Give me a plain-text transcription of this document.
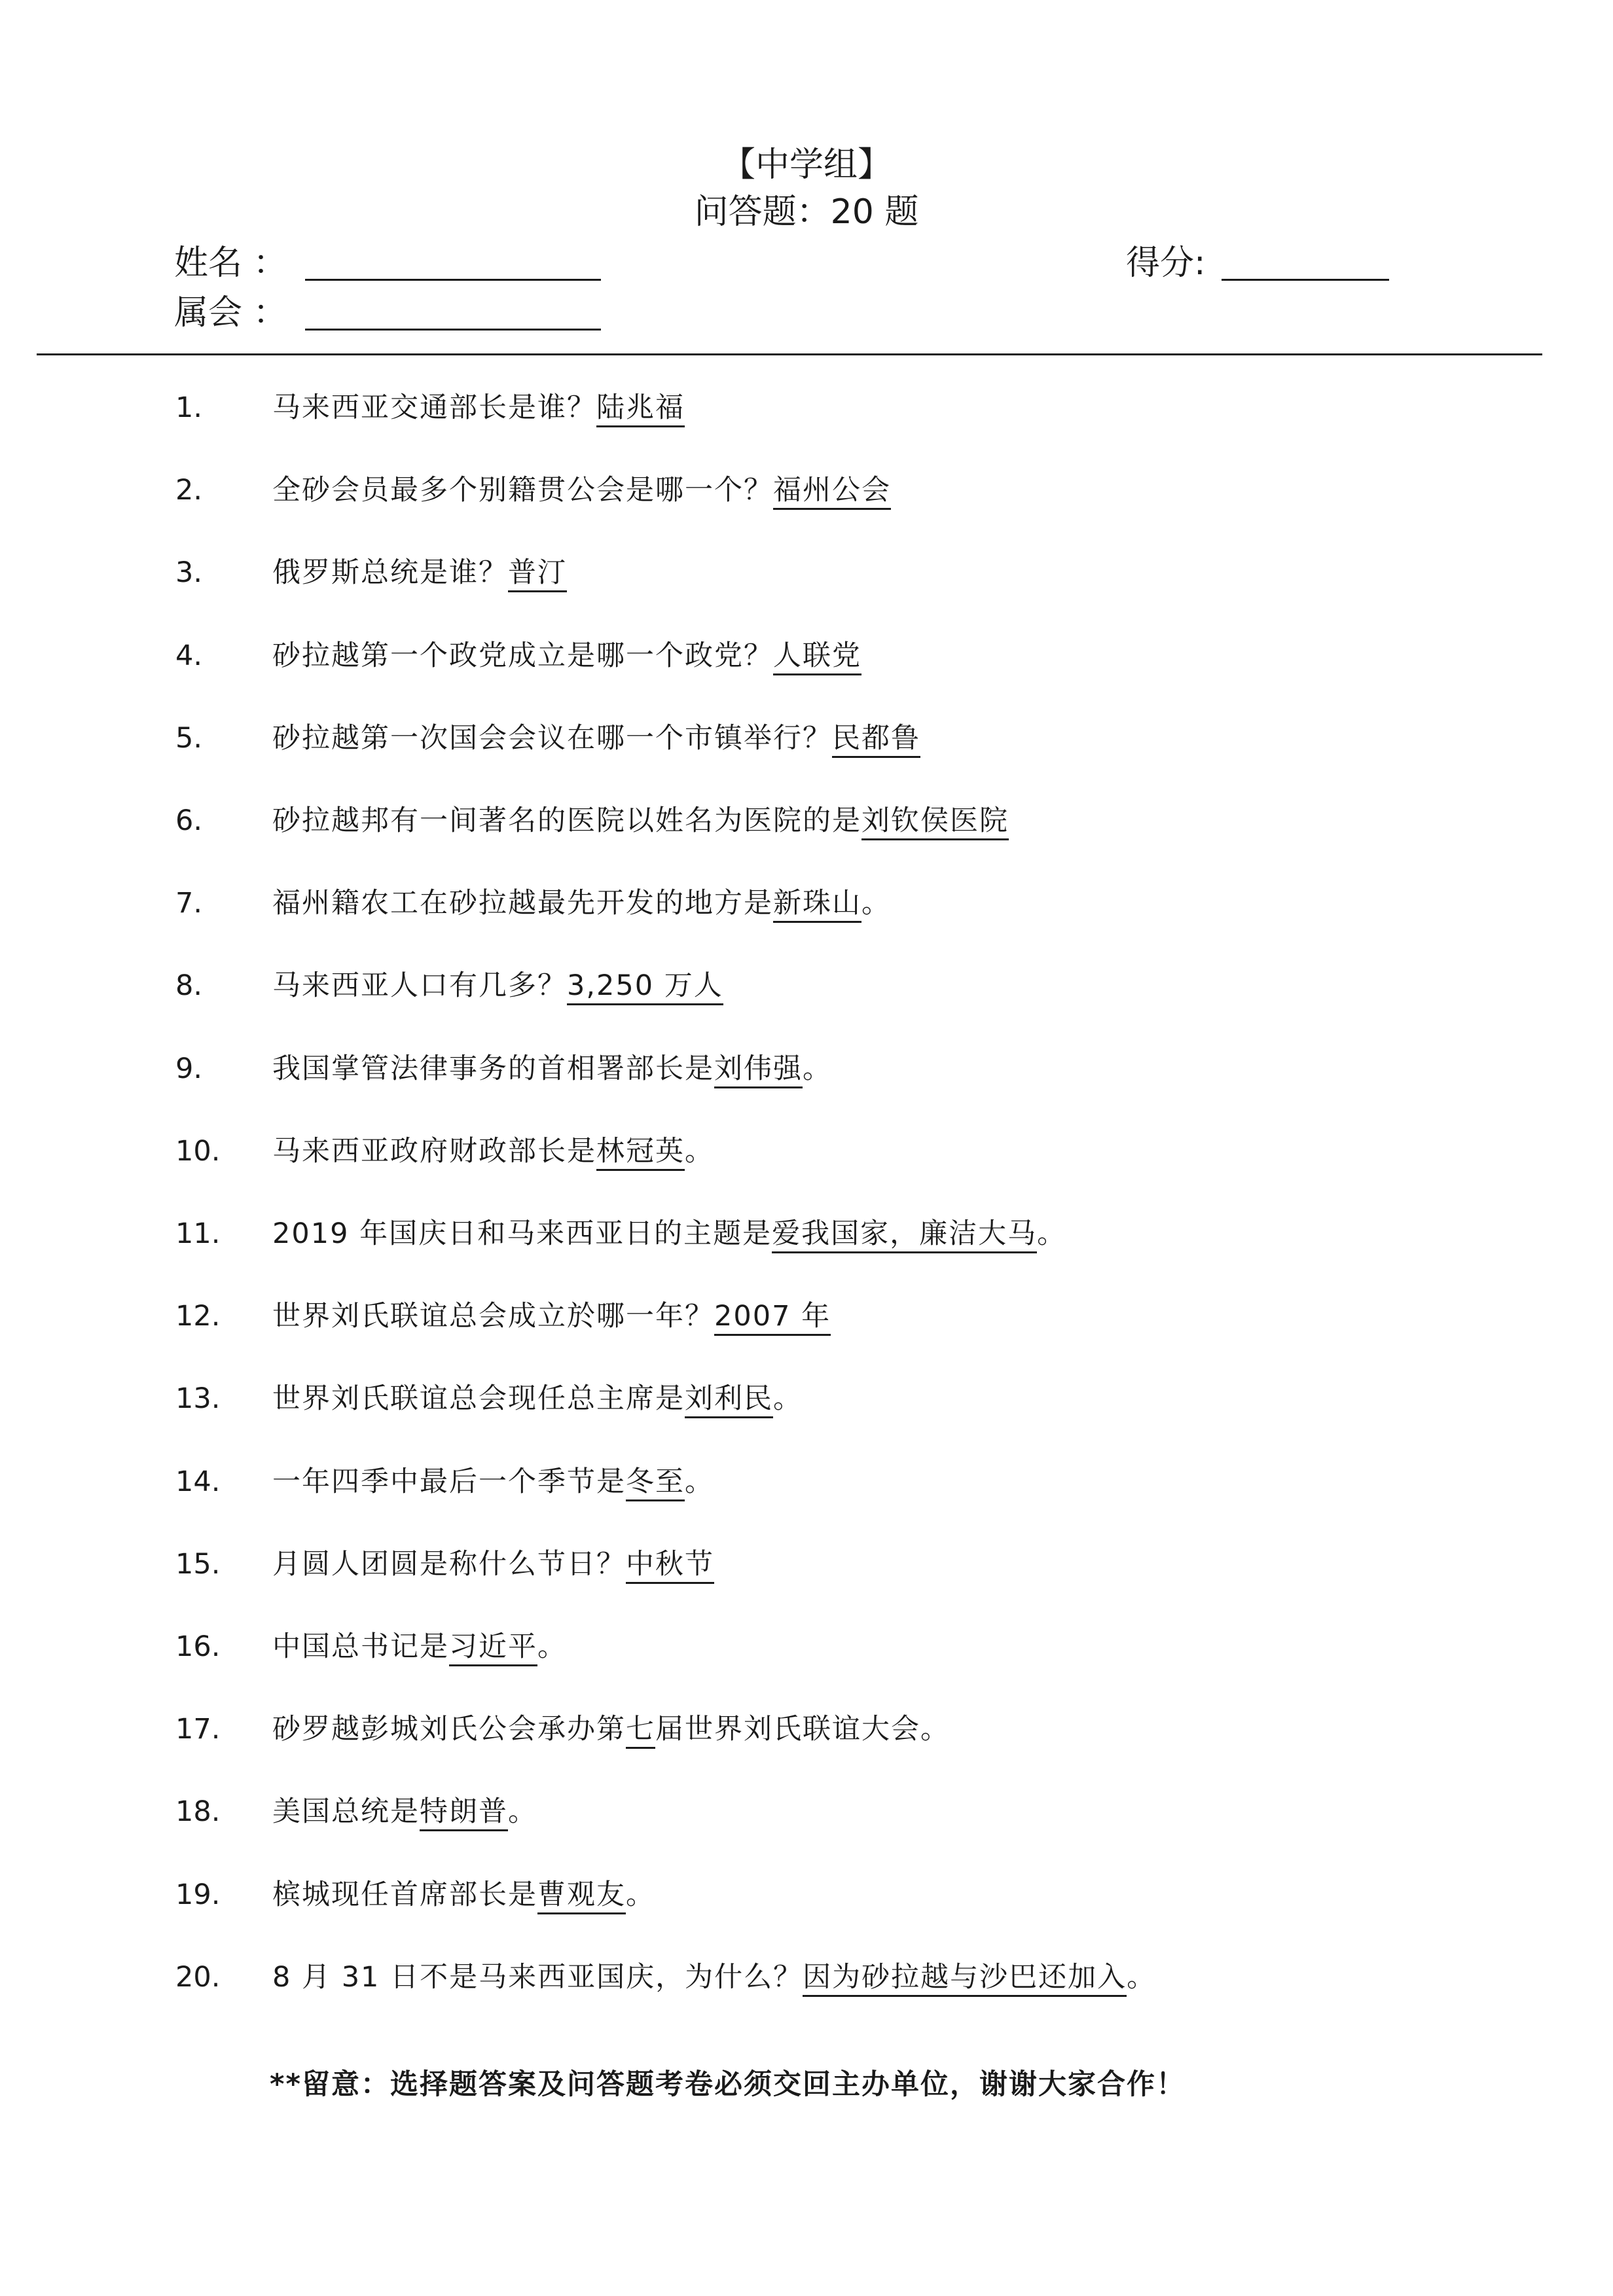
【中学组】
问答题：20 题
姓名 ：	得分:
属会 ：
1. 马来西亚交通部长是谁？陆兆福
2. 全砂会员最多个别籍贯公会是哪一个？福州公会
3. 俄罗斯总统是谁？普汀
4. 砂拉越第一个政党成立是哪一个政党？人联党
5. 砂拉越第一次国会会议在哪一个市镇举行？民都鲁
6. 砂拉越邦有一间著名的医院以姓名为医院的是刘钦侯医院
7. 福州籍农工在砂拉越最先开发的地方是新珠山。
8. 马来西亚人口有几多？3,250 万人
9. 我国掌管法律事务的首相署部长是刘伟强。
10. 马来西亚政府财政部长是林冠英。
11. 2019 年国庆日和马来西亚日的主题是爱我国家，廉洁大马。
12. 世界刘氏联谊总会成立於哪一年？2007 年
13. 世界刘氏联谊总会现任总主席是刘利民。
14. 一年四季中最后一个季节是冬至。
15. 月圆人团圆是称什么节日？中秋节
16. 中国总书记是习近平。
17. 砂罗越彭城刘氏公会承办第七届世界刘氏联谊大会。
18. 美国总统是特朗普。
19. 槟城现任首席部长是曹观友。
20. 8 月 31 日不是马来西亚国庆，为什么？因为砂拉越与沙巴还加入。
**留意：选择题答案及问答题考卷必须交回主办单位，谢谢大家合作！
